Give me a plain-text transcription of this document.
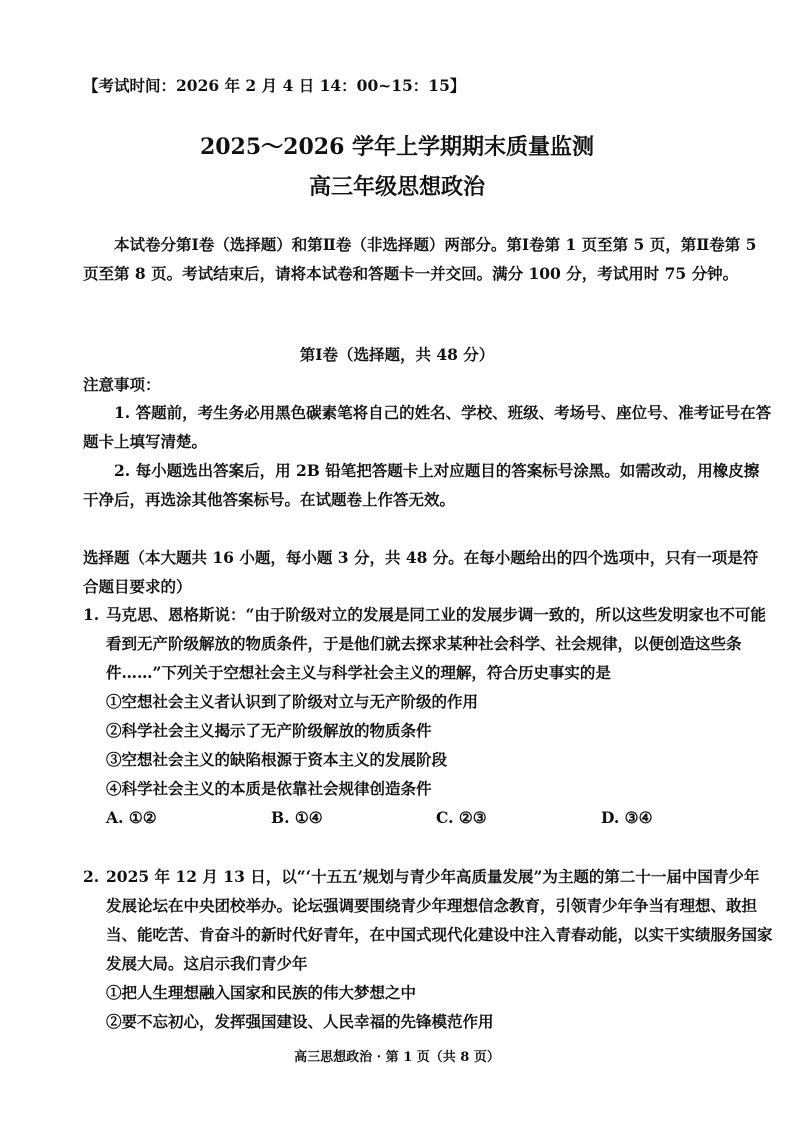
【考试时间：2026 年 2 月 4 日 14：00~15：15】
2025～2026 学年上学期期末质量监测
高三年级思想政治
本试卷分第Ⅰ卷（选择题）和第Ⅱ卷（非选择题）两部分。第Ⅰ卷第 1 页至第 5 页，第Ⅱ卷第 5 页至第 8 页。考试结束后，请将本试卷和答题卡一并交回。满分 100 分，考试用时 75 分钟。
第Ⅰ卷（选择题，共 48 分）
注意事项：
1. 答题前，考生务必用黑色碳素笔将自己的姓名、学校、班级、考场号、座位号、准考证号在答题卡上填写清楚。
2. 每小题选出答案后，用 2B 铅笔把答题卡上对应题目的答案标号涂黑。如需改动，用橡皮擦干净后，再选涂其他答案标号。在试题卷上作答无效。
选择题（本大题共 16 小题，每小题 3 分，共 48 分。在每小题给出的四个选项中，只有一项是符合题目要求的）
1. 马克思、恩格斯说：“由于阶级对立的发展是同工业的发展步调一致的，所以这些发明家也不可能看到无产阶级解放的物质条件，于是他们就去探求某种社会科学、社会规律，以便创造这些条件……”下列关于空想社会主义与科学社会主义的理解，符合历史事实的是
①空想社会主义者认识到了阶级对立与无产阶级的作用
②科学社会主义揭示了无产阶级解放的物质条件
③空想社会主义的缺陷根源于资本主义的发展阶段
④科学社会主义的本质是依靠社会规律创造条件
A. ①②	B. ①④	C. ②③	D. ③④
2. 2025 年 12 月 13 日，以“‘十五五’规划与青少年高质量发展”为主题的第二十一届中国青少年发展论坛在中央团校举办。论坛强调要围绕青少年理想信念教育，引领青少年争当有理想、敢担当、能吃苦、肯奋斗的新时代好青年，在中国式现代化建设中注入青春动能，以实干实绩服务国家发展大局。这启示我们青少年
①把人生理想融入国家和民族的伟大梦想之中
②要不忘初心，发挥强国建设、人民幸福的先锋模范作用
高三思想政治 · 第 1 页（共 8 页）
